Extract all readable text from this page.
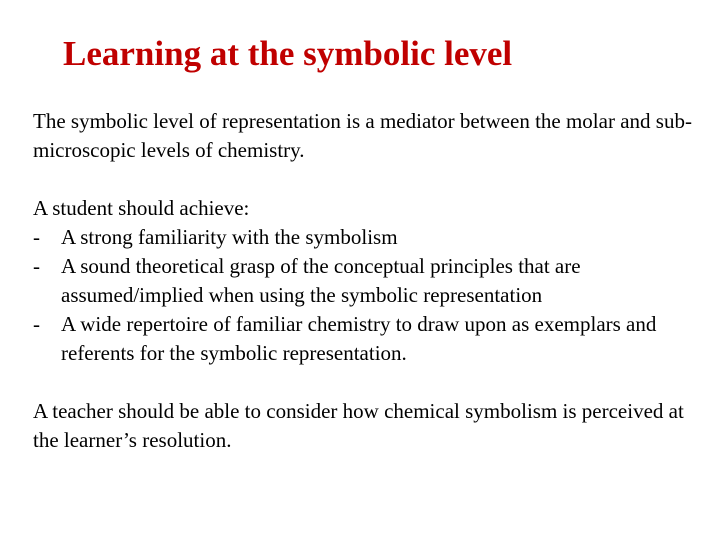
Learning at the symbolic level

The symbolic level of representation is a mediator between the molar and sub-microscopic levels of chemistry.

A student should achieve:

- A strong familiarity with the symbolism
- A sound theoretical grasp of the conceptual principles that are assumed/implied when using the symbolic representation
- A wide repertoire of familiar chemistry to draw upon as exemplars and referents for the symbolic representation.

A teacher should be able to consider how chemical symbolism is perceived at the learner’s resolution.
